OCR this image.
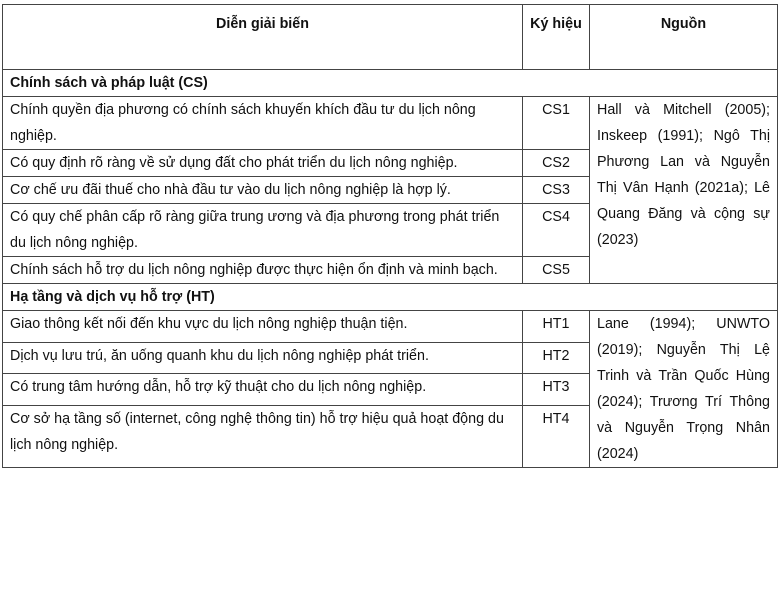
Diễn giải biến	Ký hiệu	Nguồn
Chính sách và pháp luật (CS)		
Chính quyền địa phương có chính sách khuyến khích đầu tư du lịch nông nghiệp.	CS1	Hall và Mitchell (2005); Inskeep (1991); Ngô Thị Phương Lan và Nguyễn Thị Vân Hạnh (2021a); Lê Quang Đăng và cộng sự (2023)
Có quy định rõ ràng về sử dụng đất cho phát triển du lịch nông nghiệp.	CS2	
Cơ chế ưu đãi thuế cho nhà đầu tư vào du lịch nông nghiệp là hợp lý.	CS3	
Có quy chế phân cấp rõ ràng giữa trung ương và địa phương trong phát triển du lịch nông nghiệp.	CS4	
Chính sách hỗ trợ du lịch nông nghiệp được thực hiện ổn định và minh bạch.	CS5	
Hạ tầng và dịch vụ hỗ trợ (HT)		
Giao thông kết nối đến khu vực du lịch nông nghiệp thuận tiện.	HT1	Lane (1994); UNWTO (2019); Nguyễn Thị Lệ Trinh và Trần Quốc Hùng (2024); Trương Trí Thông và Nguyễn Trọng Nhân (2024)
Dịch vụ lưu trú, ăn uống quanh khu du lịch nông nghiệp phát triển.	HT2	
Có trung tâm hướng dẫn, hỗ trợ kỹ thuật cho du lịch nông nghiệp.	HT3	
Cơ sở hạ tầng số (internet, công nghệ thông tin) hỗ trợ hiệu quả hoạt động du lịch nông nghiệp.	HT4	
